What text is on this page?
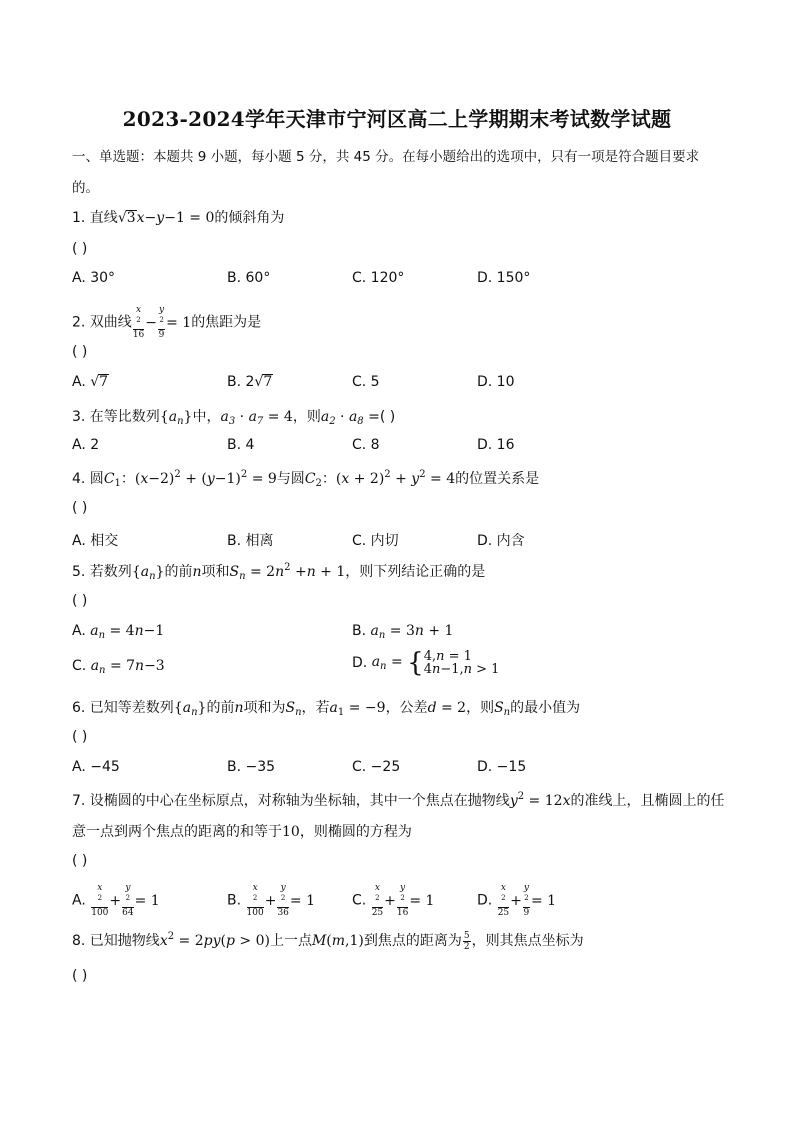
2023-2024学年天津市宁河区高二上学期期末考试数学试题
一、单选题：本题共 9 小题，每小题 5 分，共 45 分。在每小题给出的选项中，只有一项是符合题目要求
的。
1. 直线√3x−y−1 = 0的倾斜角为
( )
A. 30°	B. 60°	C. 120°	D. 150°
2. 双曲线 x
$^2$
16 − y
$^2$
9 = 1的焦距为是
( )
A. √7	B. 2√7	C. 5	D. 10
3. 在等比数列$\{a_n\}$中，$a_3 \cdot a_7 = 4$，则$a_2 \cdot a_8$ =( )
A. 2	B. 4	C. 8	D. 16
4. 圆$C_1$：$(x-2)^2 + (y-1)^2 = 9$与圆$C_2$：$(x + 2)^2 + y^2 = 4$的位置关系是
( )
A. 相交	B. 相离	C. 内切	D. 内含
5. 若数列$\{a_n\}$的前n项和$S_n = 2n^2 +n + 1$，则下列结论正确的是
( )
A. $a_n = 4n-1$	B. $a_n = 3n + 1$
C. $a_n = 7n-3$	D. $a_n$ = { 4,n = 1
4n−1,n > 1
6. 已知等差数列$\{a_n\}$的前n项和为$S_n$，若$a_1 = -9$，公差d = 2，则$S_n$的最小值为
( )
A. −45	B. −35	C. −25	D. −15
7. 设椭圆的中心在坐标原点，对称轴为坐标轴，其中一个焦点在抛物线$y^2 = 12x$的准线上，且椭圆上的任
意一点到两个焦点的距离的和等于10，则椭圆的方程为
( )
A. x
$^2$
100 + y
$^2$
64 = 1	B. x
$^2$
100 + y
$^2$
36 = 1	C. x
$^2$
25 + y
$^2$
16 = 1	D. x
$^2$
25 + y
$^2$
9 = 1
8. 已知抛物线$x^2 = 2py(p > 0)$上一点M(m,1)到焦点的距离为 $\frac{5}{2}$ ，则其焦点坐标为
( )
